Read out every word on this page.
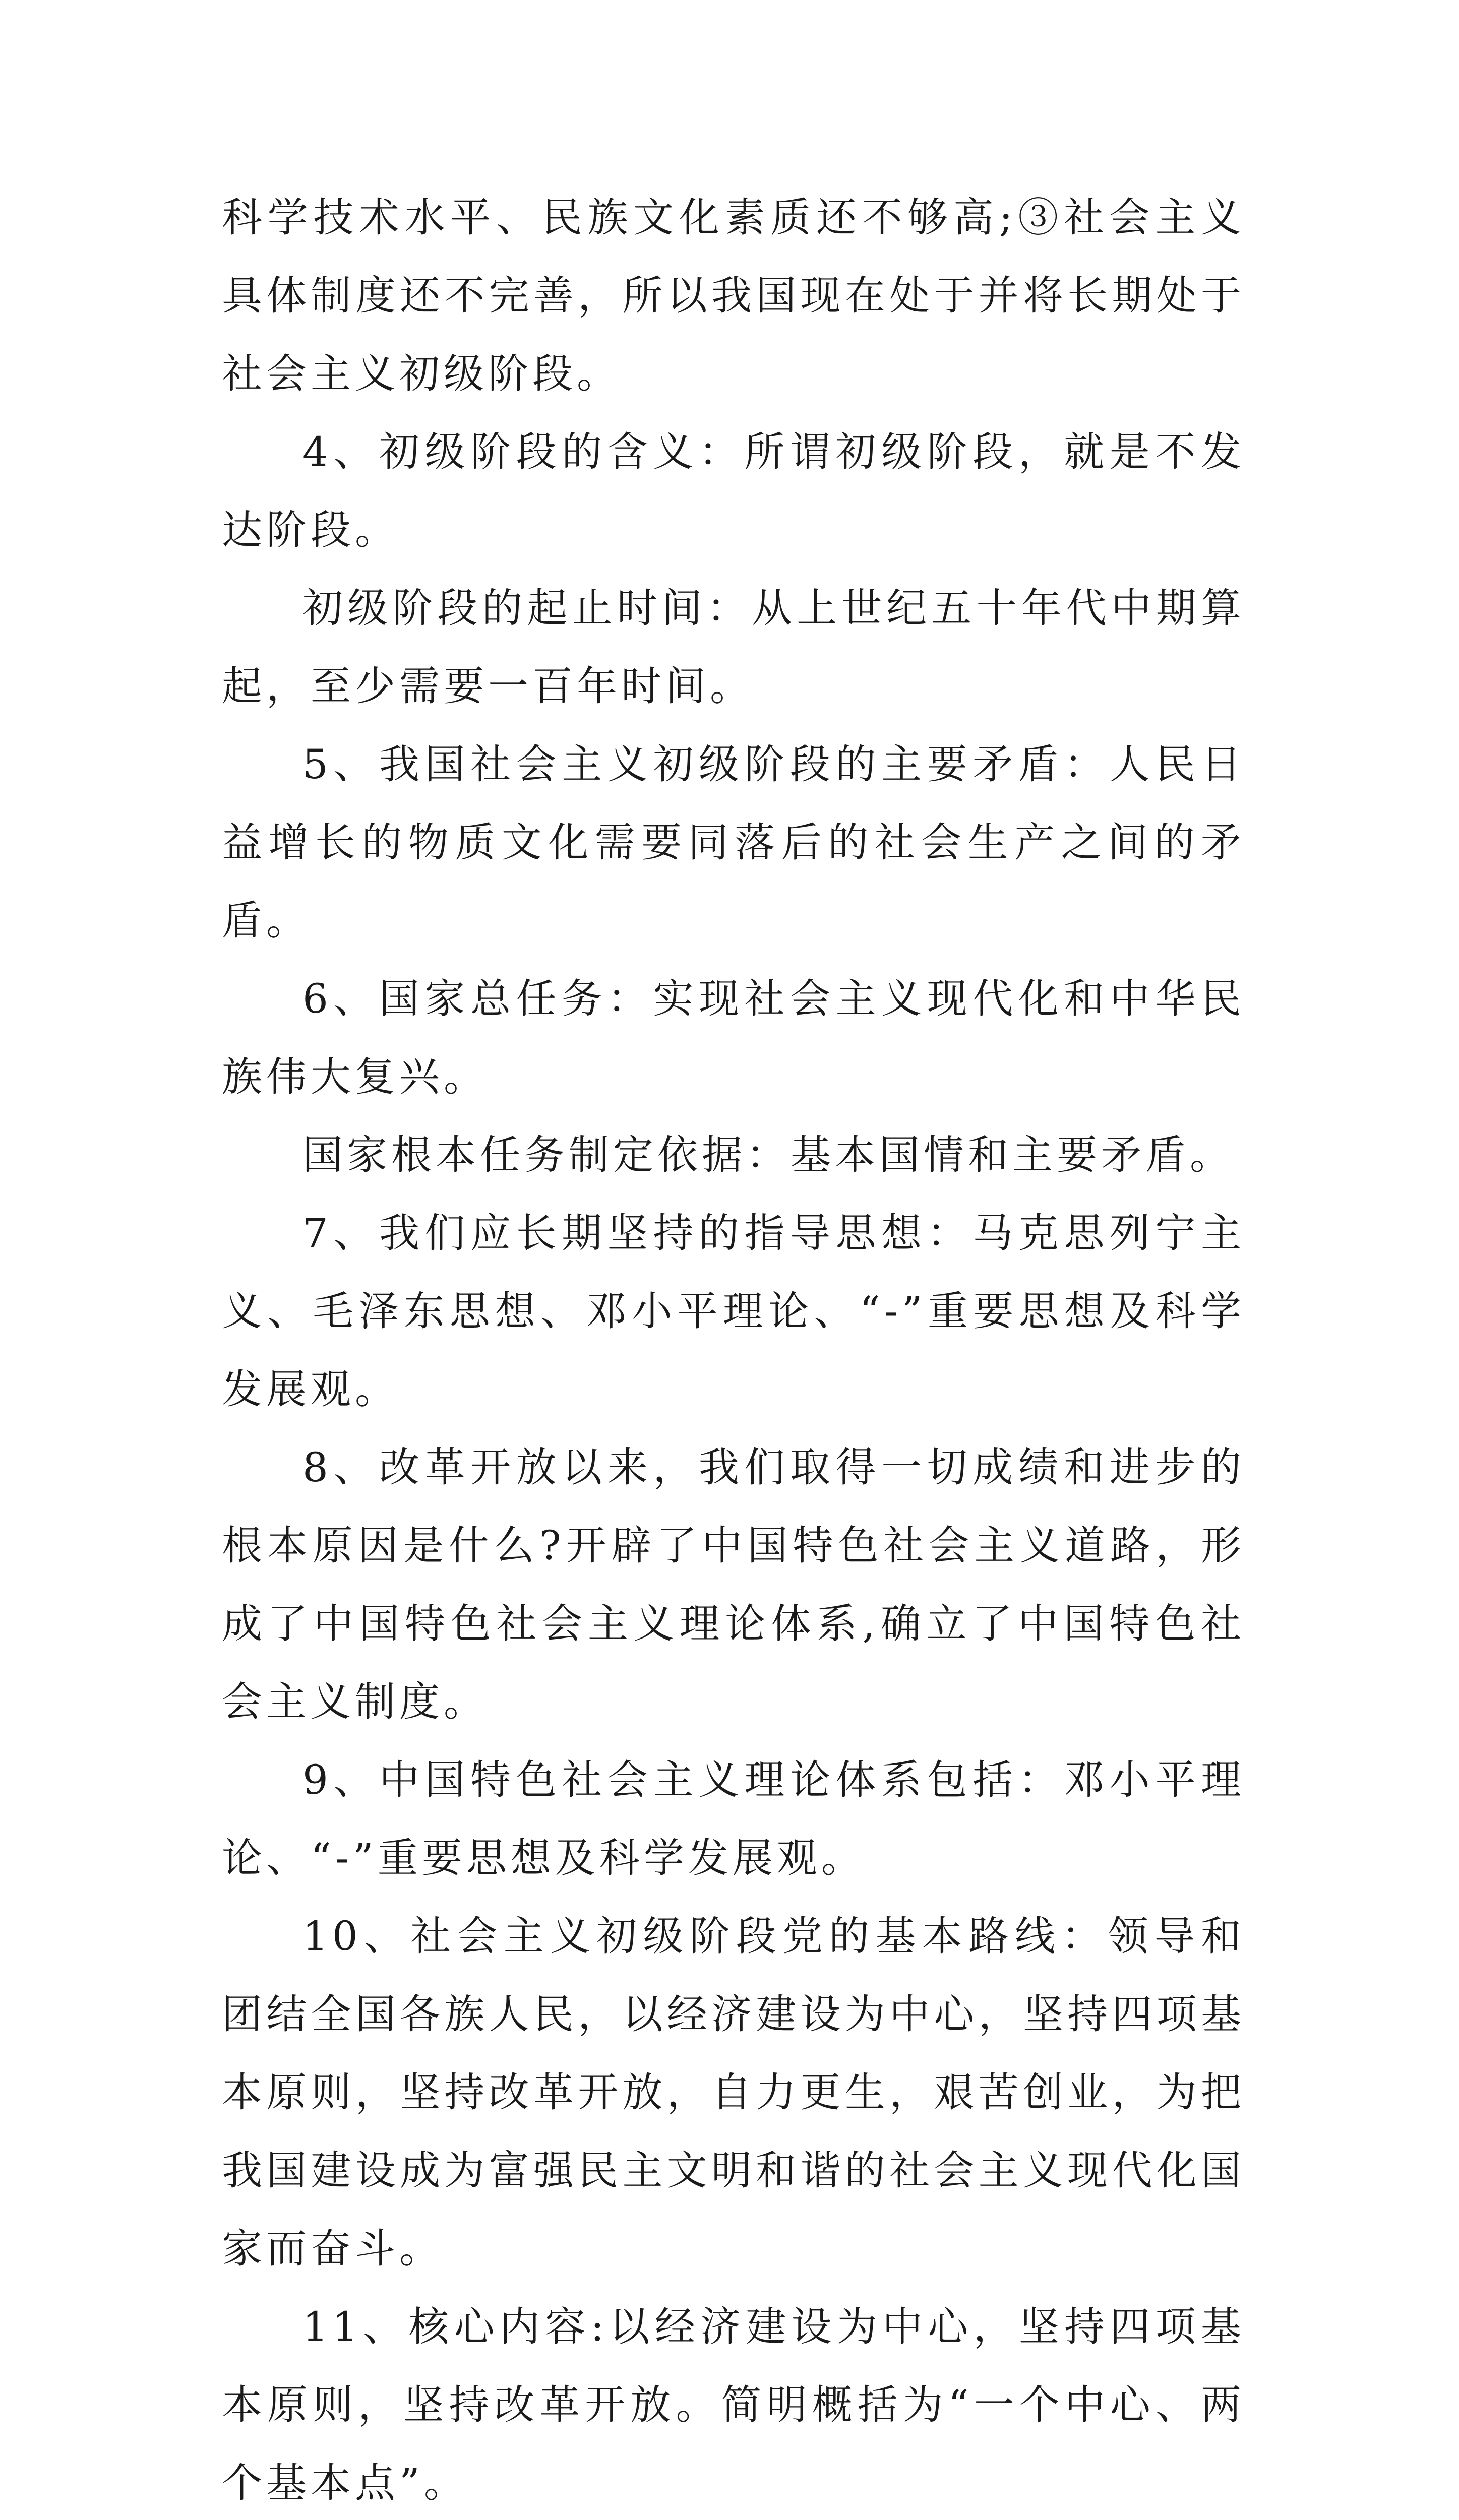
科学技术水平、民族文化素质还不够高;③社会主义具体制度还不完善，所以我国现在处于并将长期处于社会主义初级阶段。

4、初级阶段的含义：所谓初级阶段，就是不发达阶段。

初级阶段的起止时间：从上世纪五十年代中期算起，至少需要一百年时间。

5、我国社会主义初级阶段的主要矛盾：人民日益增长的物质文化需要同落后的社会生产之间的矛盾。

6、国家总任务：实现社会主义现代化和中华民族伟大复兴。

国家根本任务制定依据：基本国情和主要矛盾。

7、我们应长期坚持的指导思想：马克思列宁主义、毛泽东思想、邓小平理论、“-”重要思想及科学发展观。

8、改革开放以来，我们取得一切成绩和进步的根本原因是什么?开辟了中国特色社会主义道路，形成了中国特色社会主义理论体系,确立了中国特色社会主义制度。

9、中国特色社会主义理论体系包括：邓小平理论、“-”重要思想及科学发展观。

10、社会主义初级阶段党的基本路线：领导和团结全国各族人民，以经济建设为中心，坚持四项基本原则，坚持改革开放，自力更生，艰苦创业，为把我国建设成为富强民主文明和谐的社会主义现代化国家而奋斗。

11、核心内容:以经济建设为中心，坚持四项基本原则，坚持改革开放。简明概括为“一个中心、两个基本点”。
